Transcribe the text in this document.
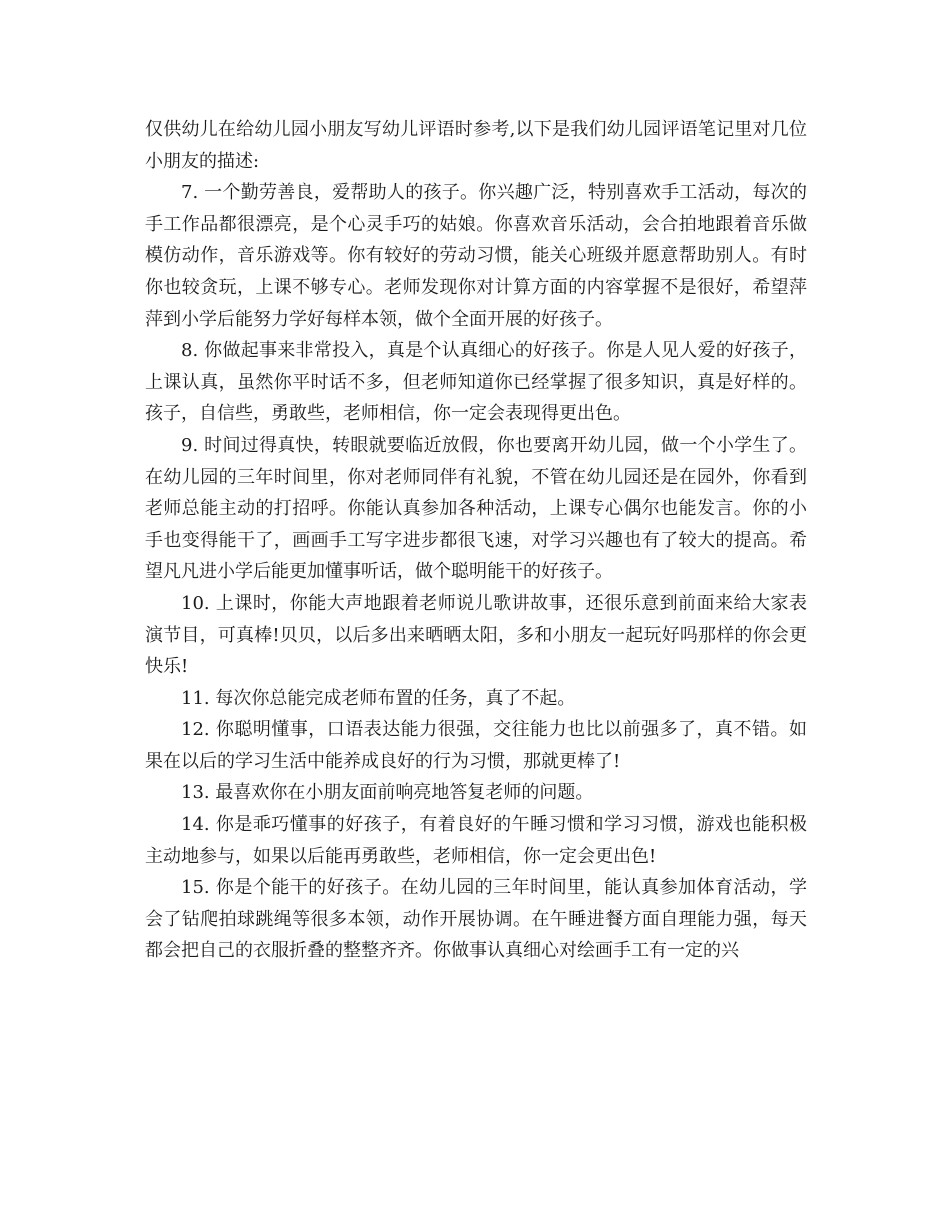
仅供幼儿在给幼儿园小朋友写幼儿评语时参考,以下是我们幼儿园评语笔记里对几位小朋友的描述:

7. 一个勤劳善良，爱帮助人的孩子。你兴趣广泛，特别喜欢手工活动，每次的手工作品都很漂亮，是个心灵手巧的姑娘。你喜欢音乐活动，会合拍地跟着音乐做模仿动作，音乐游戏等。你有较好的劳动习惯，能关心班级并愿意帮助别人。有时你也较贪玩，上课不够专心。老师发现你对计算方面的内容掌握不是很好，希望萍萍到小学后能努力学好每样本领，做个全面开展的好孩子。

8. 你做起事来非常投入，真是个认真细心的好孩子。你是人见人爱的好孩子，上课认真，虽然你平时话不多，但老师知道你已经掌握了很多知识，真是好样的。孩子，自信些，勇敢些，老师相信，你一定会表现得更出色。

9. 时间过得真快，转眼就要临近放假，你也要离开幼儿园，做一个小学生了。在幼儿园的三年时间里，你对老师同伴有礼貌，不管在幼儿园还是在园外，你看到老师总能主动的打招呼。你能认真参加各种活动，上课专心偶尔也能发言。你的小手也变得能干了，画画手工写字进步都很飞速，对学习兴趣也有了较大的提高。希望凡凡进小学后能更加懂事听话，做个聪明能干的好孩子。

10. 上课时，你能大声地跟着老师说儿歌讲故事，还很乐意到前面来给大家表演节目，可真棒!贝贝，以后多出来晒晒太阳，多和小朋友一起玩好吗那样的你会更快乐!

11. 每次你总能完成老师布置的任务，真了不起。

12. 你聪明懂事，口语表达能力很强，交往能力也比以前强多了，真不错。如果在以后的学习生活中能养成良好的行为习惯，那就更棒了!

13. 最喜欢你在小朋友面前响亮地答复老师的问题。

14. 你是乖巧懂事的好孩子，有着良好的午睡习惯和学习习惯，游戏也能积极主动地参与，如果以后能再勇敢些，老师相信，你一定会更出色!

15. 你是个能干的好孩子。在幼儿园的三年时间里，能认真参加体育活动，学会了钻爬拍球跳绳等很多本领，动作开展协调。在午睡进餐方面自理能力强，每天都会把自己的衣服折叠的整整齐齐。你做事认真细心对绘画手工有一定的兴
